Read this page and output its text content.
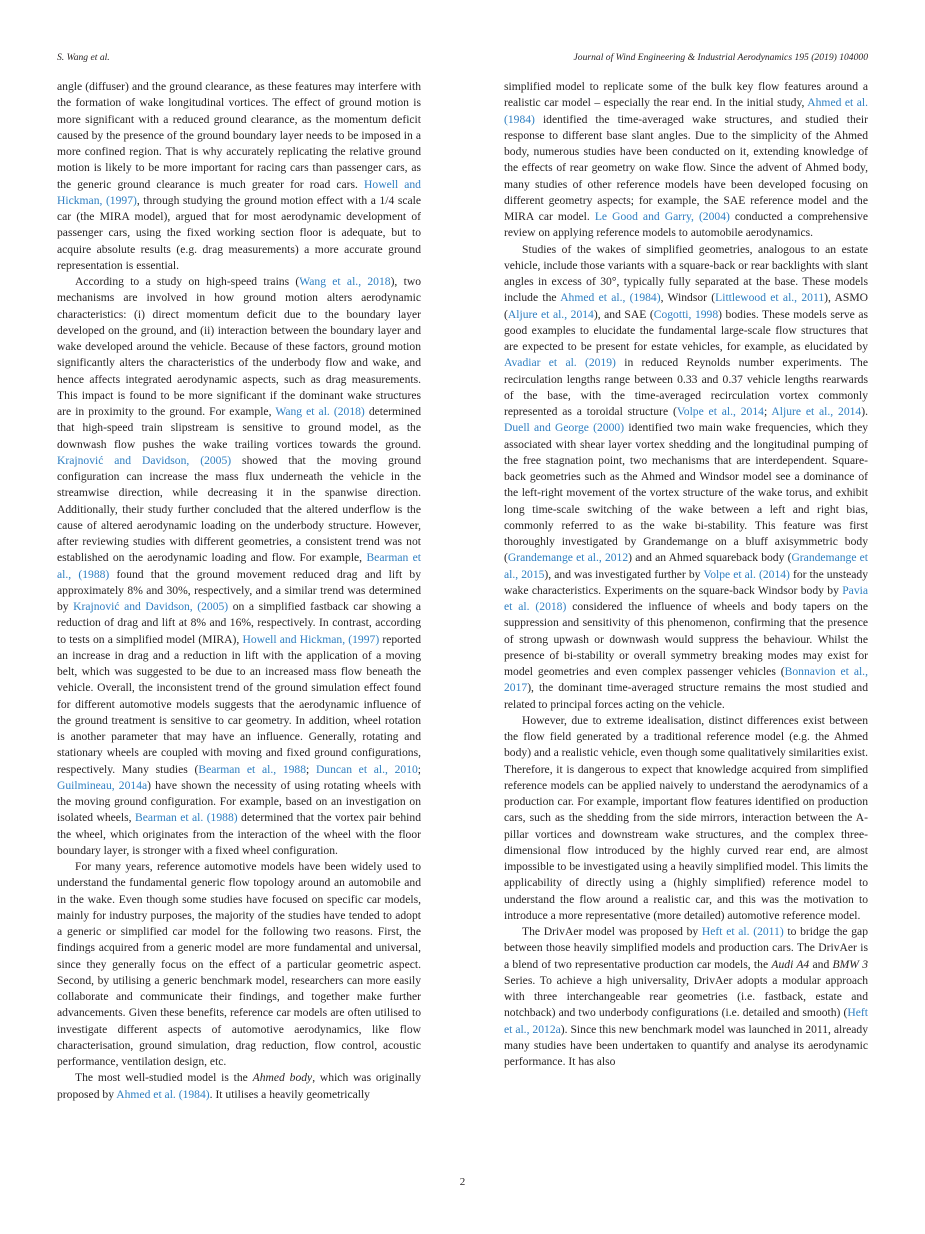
S. Wang et al.	Journal of Wind Engineering & Industrial Aerodynamics 195 (2019) 104000

angle (diffuser) and the ground clearance, as these features may interfere with the formation of wake longitudinal vortices. The effect of ground motion is more significant with a reduced ground clearance, as the momentum deficit caused by the presence of the ground boundary layer needs to be imposed in a more confined region. That is why accurately replicating the relative ground motion is likely to be more important for racing cars than passenger cars, as the generic ground clearance is much greater for road cars. Howell and Hickman, (1997), through studying the ground motion effect with a 1/4 scale car (the MIRA model), argued that for most aerodynamic development of passenger cars, using the fixed working section floor is adequate, but to acquire absolute results (e.g. drag measurements) a more accurate ground representation is essential.

According to a study on high-speed trains (Wang et al., 2018), two mechanisms are involved in how ground motion alters aerodynamic characteristics: (i) direct momentum deficit due to the boundary layer developed on the ground, and (ii) interaction between the boundary layer and wake developed around the vehicle. Because of these factors, ground motion significantly alters the characteristics of the underbody flow and wake, and hence affects integrated aerodynamic aspects, such as drag measurements. This impact is found to be more significant if the dominant wake structures are in proximity to the ground. For example, Wang et al. (2018) determined that high-speed train slipstream is sensitive to ground model, as the downwash flow pushes the wake trailing vortices towards the ground. Krajnović and Davidson, (2005) showed that the moving ground configuration can increase the mass flux underneath the vehicle in the streamwise direction, while decreasing it in the spanwise direction. Additionally, their study further concluded that the altered underflow is the cause of altered aerodynamic loading on the underbody structure. However, after reviewing studies with different geometries, a consistent trend was not established on the aerodynamic loading and flow. For example, Bearman et al., (1988) found that the ground movement reduced drag and lift by approximately 8% and 30%, respectively, and a similar trend was determined by Krajnović and Davidson, (2005) on a simplified fastback car showing a reduction of drag and lift at 8% and 16%, respectively. In contrast, according to tests on a simplified model (MIRA), Howell and Hickman, (1997) reported an increase in drag and a reduction in lift with the application of a moving belt, which was suggested to be due to an increased mass flow beneath the vehicle. Overall, the inconsistent trend of the ground simulation effect found for different automotive models suggests that the aerodynamic influence of the ground treatment is sensitive to car geometry. In addition, wheel rotation is another parameter that may have an influence. Generally, rotating and stationary wheels are coupled with moving and fixed ground configurations, respectively. Many studies (Bearman et al., 1988; Duncan et al., 2010; Guilmineau, 2014a) have shown the necessity of using rotating wheels with the moving ground configuration. For example, based on an investigation on isolated wheels, Bearman et al. (1988) determined that the vortex pair behind the wheel, which originates from the interaction of the wheel with the floor boundary layer, is stronger with a fixed wheel configuration.

For many years, reference automotive models have been widely used to understand the fundamental generic flow topology around an automobile and in the wake. Even though some studies have focused on specific car models, mainly for industry purposes, the majority of the studies have tended to adopt a generic or simplified car model for the following two reasons. First, the findings acquired from a generic model are more fundamental and universal, since they generally focus on the effect of a particular geometric aspect. Second, by utilising a generic benchmark model, researchers can more easily collaborate and communicate their findings, and together make further advancements. Given these benefits, reference car models are often utilised to investigate different aspects of automotive aerodynamics, like flow characterisation, ground simulation, drag reduction, flow control, acoustic performance, ventilation design, etc.

The most well-studied model is the Ahmed body, which was originally proposed by Ahmed et al. (1984). It utilises a heavily geometrically

simplified model to replicate some of the bulk key flow features around a realistic car model – especially the rear end. In the initial study, Ahmed et al. (1984) identified the time-averaged wake structures, and studied their response to different base slant angles. Due to the simplicity of the Ahmed body, numerous studies have been conducted on it, extending knowledge of the effects of rear geometry on wake flow. Since the advent of Ahmed body, many studies of other reference models have been developed focusing on different geometry aspects; for example, the SAE reference model and the MIRA car model. Le Good and Garry, (2004) conducted a comprehensive review on applying reference models to automobile aerodynamics.

Studies of the wakes of simplified geometries, analogous to an estate vehicle, include those variants with a square-back or rear backlights with slant angles in excess of 30°, typically fully separated at the base. These models include the Ahmed et al., (1984), Windsor (Littlewood et al., 2011), ASMO (Aljure et al., 2014), and SAE (Cogotti, 1998) bodies. These models serve as good examples to elucidate the fundamental large-scale flow structures that are expected to be present for estate vehicles, for example, as elucidated by Avadiar et al. (2019) in reduced Reynolds number experiments. The recirculation lengths range between 0.33 and 0.37 vehicle lengths rearwards of the base, with the time-averaged recirculation vortex commonly represented as a toroidal structure (Volpe et al., 2014; Aljure et al., 2014). Duell and George (2000) identified two main wake frequencies, which they associated with shear layer vortex shedding and the longitudinal pumping of the free stagnation point, two mechanisms that are interdependent. Square-back geometries such as the Ahmed and Windsor model see a dominance of the left-right movement of the vortex structure of the wake torus, and exhibit long time-scale switching of the wake between a left and right bias, commonly referred to as the wake bi-stability. This feature was first thoroughly investigated by Grandemange on a bluff axisymmetric body (Grandemange et al., 2012) and an Ahmed squareback body (Grandemange et al., 2015), and was investigated further by Volpe et al. (2014) for the unsteady wake characteristics. Experiments on the square-back Windsor body by Pavia et al. (2018) considered the influence of wheels and body tapers on the suppression and sensitivity of this phenomenon, confirming that the presence of strong upwash or downwash would suppress the behaviour. Whilst the presence of bi-stability or overall symmetry breaking modes may exist for model geometries and even complex passenger vehicles (Bonnavion et al., 2017), the dominant time-averaged structure remains the most studied and related to principal forces acting on the vehicle.

However, due to extreme idealisation, distinct differences exist between the flow field generated by a traditional reference model (e.g. the Ahmed body) and a realistic vehicle, even though some qualitatively similarities exist. Therefore, it is dangerous to expect that knowledge acquired from simplified reference models can be applied naively to understand the aerodynamics of a production car. For example, important flow features identified on production cars, such as the shedding from the side mirrors, interaction between the A-pillar vortices and downstream wake structures, and the complex three-dimensional flow introduced by the highly curved rear end, are almost impossible to be investigated using a heavily simplified model. This limits the applicability of directly using a (highly simplified) reference model to understand the flow around a realistic car, and this was the motivation to introduce a more representative (more detailed) automotive reference model.

The DrivAer model was proposed by Heft et al. (2011) to bridge the gap between those heavily simplified models and production cars. The DrivAer is a blend of two representative production car models, the Audi A4 and BMW 3 Series. To achieve a high universality, DrivAer adopts a modular approach with three interchangeable rear geometries (i.e. fastback, estate and notchback) and two underbody configurations (i.e. detailed and smooth) (Heft et al., 2012a). Since this new benchmark model was launched in 2011, already many studies have been undertaken to quantify and analyse its aerodynamic performance. It has also

2
